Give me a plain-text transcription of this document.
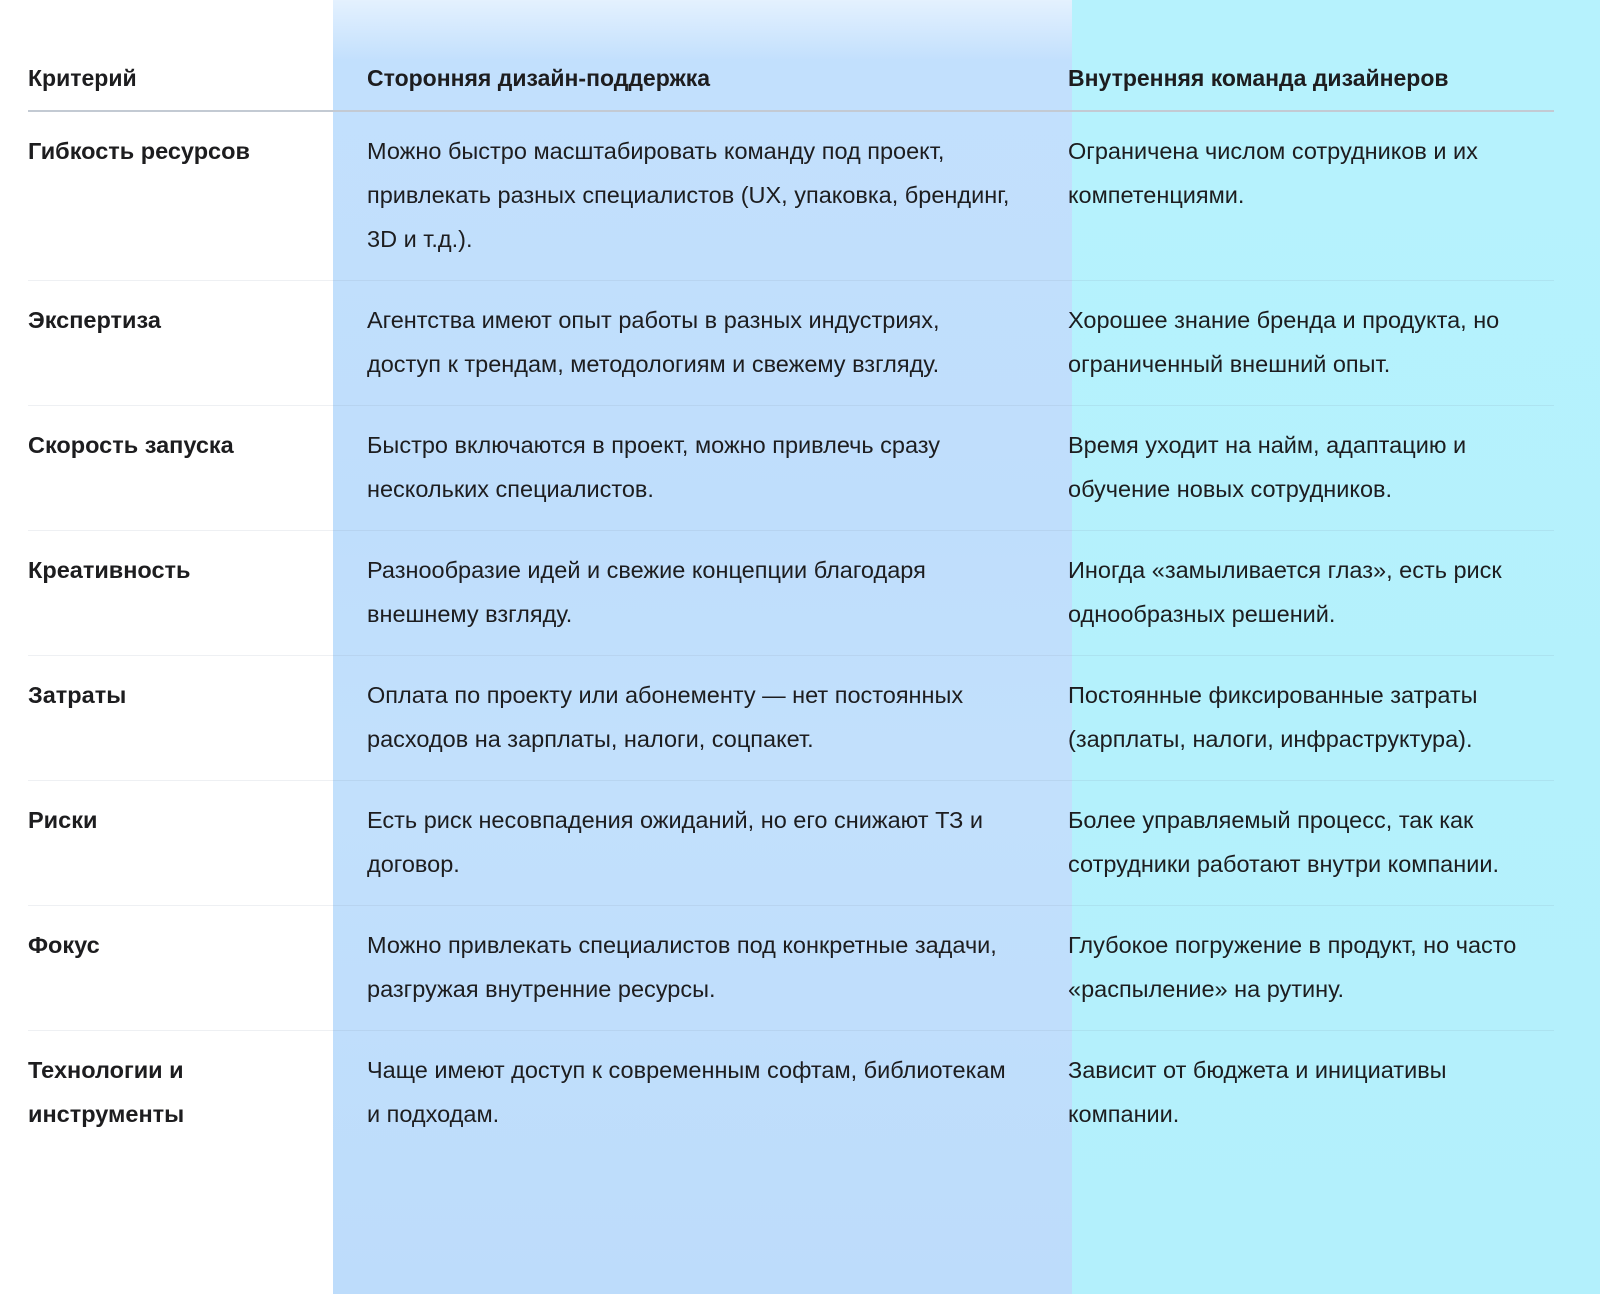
Критерий	Сторонняя дизайн-поддержка	Внутренняя команда дизайнеров
Гибкость ресурсов	Можно быстро масштабировать команду под проект, привлекать разных специалистов (UX, упаковка, брендинг, 3D и т.д.).	Ограничена числом сотрудников и их компетенциями.
Экспертиза	Агентства имеют опыт работы в разных индустриях, доступ к трендам, методологиям и свежему взгляду.	Хорошее знание бренда и продукта, но ограниченный внешний опыт.
Скорость запуска	Быстро включаются в проект, можно привлечь сразу нескольких специалистов.	Время уходит на найм, адаптацию и обучение новых сотрудников.
Креативность	Разнообразие идей и свежие концепции благодаря внешнему взгляду.	Иногда «замыливается глаз», есть риск однообразных решений.
Затраты	Оплата по проекту или абонементу — нет постоянных расходов на зарплаты, налоги, соцпакет.	Постоянные фиксированные затраты (зарплаты, налоги, инфраструктура).
Риски	Есть риск несовпадения ожиданий, но его снижают ТЗ и договор.	Более управляемый процесс, так как сотрудники работают внутри компании.
Фокус	Можно привлекать специалистов под конкретные задачи, разгружая внутренние ресурсы.	Глубокое погружение в продукт, но часто «распыление» на рутину.
Технологии и инструменты	Чаще имеют доступ к современным софтам, библиотекам и подходам.	Зависит от бюджета и инициативы компании.
